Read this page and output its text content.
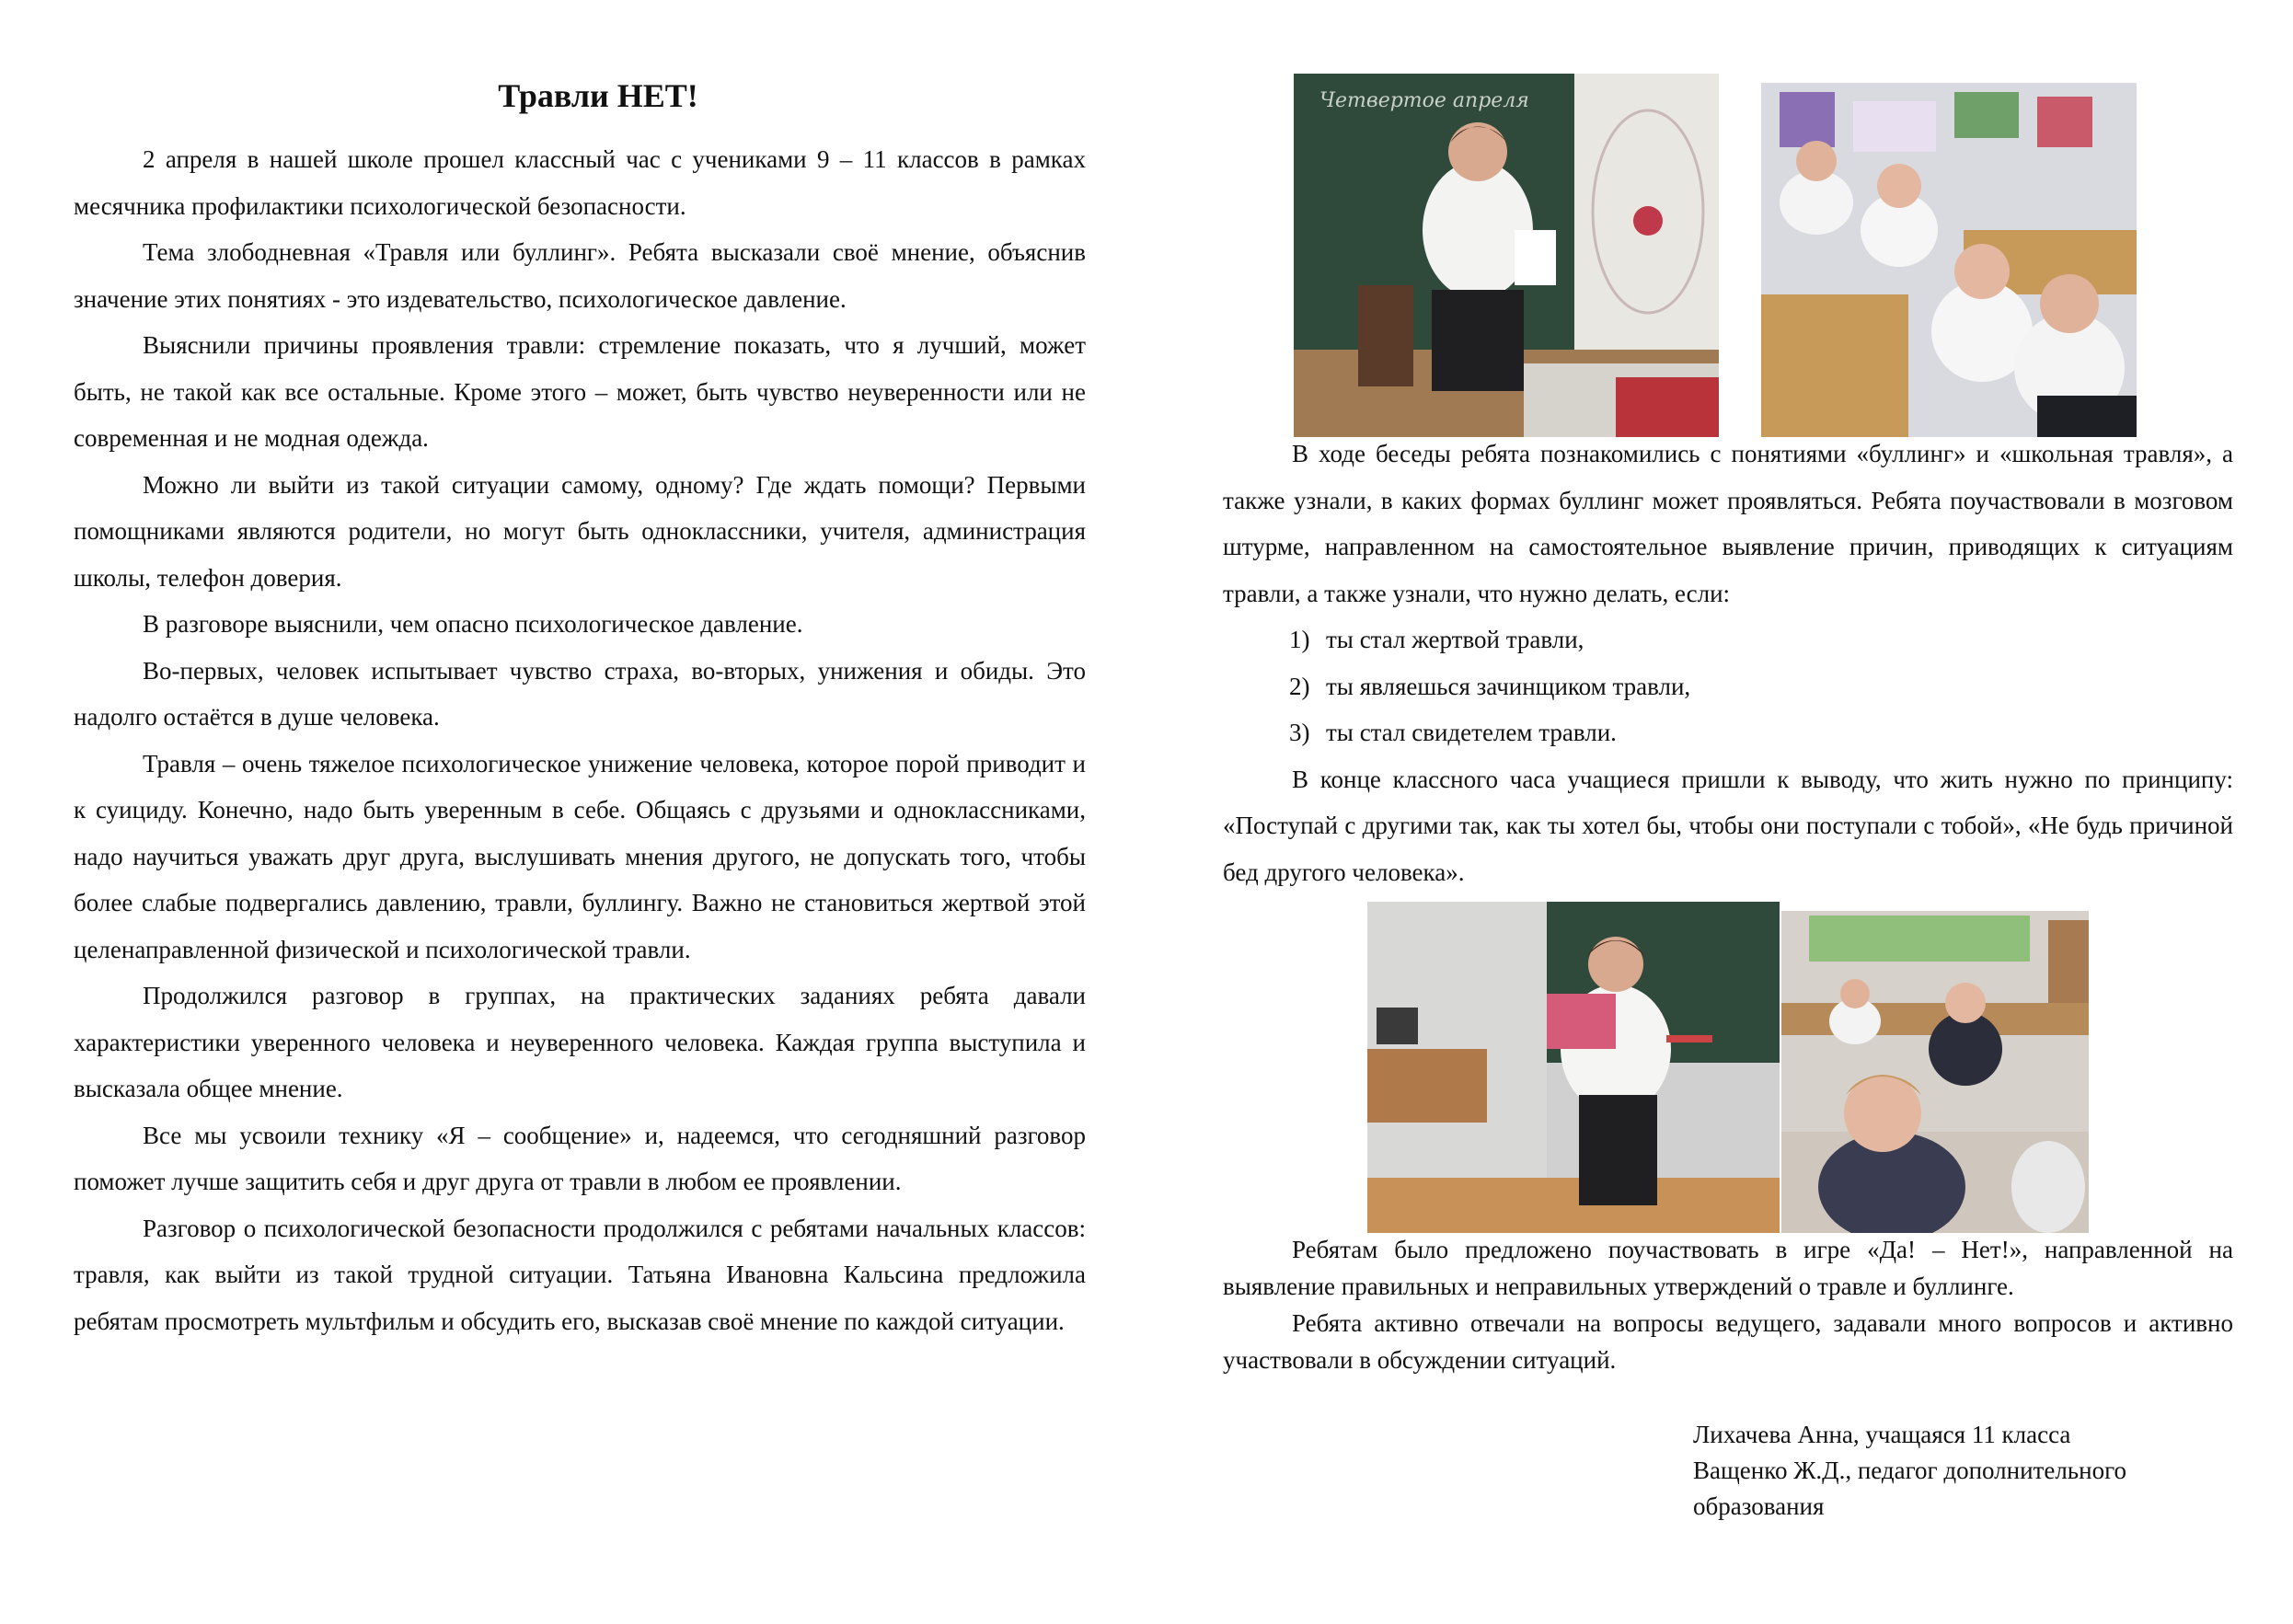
Травли НЕТ!

2 апреля в нашей школе прошел классный час с учениками 9 – 11 классов в рамках месячника профилактики психологической безопасности.

Тема злободневная «Травля или буллинг». Ребята высказали своё мнение, объяснив значение этих понятиях - это издевательство, психологическое давление.

Выяснили причины проявления травли: стремление показать, что я лучший, может быть, не такой как все остальные. Кроме этого – может, быть чувство неуверенности или не современная и не модная одежда.

Можно ли выйти из такой ситуации самому, одному? Где ждать помощи? Первыми помощниками являются родители, но могут быть одноклассники, учителя, администрация школы, телефон доверия.

В разговоре выяснили, чем опасно психологическое давление.

Во-первых, человек испытывает чувство страха, во-вторых, унижения и обиды. Это надолго остаётся в душе человека.

Травля – очень тяжелое психологическое унижение человека, которое порой приводит и к суициду. Конечно, надо быть уверенным в себе. Общаясь с друзьями и одноклассниками, надо научиться уважать друг друга, выслушивать мнения другого, не допускать того, чтобы более слабые подвергались давлению, травли, буллингу. Важно не становиться жертвой этой целенаправленной физической и психологической травли.

Продолжился разговор в группах, на практических заданиях ребята давали характеристики уверенного человека и неуверенного человека. Каждая группа выступила и высказала общее мнение.

Все мы усвоили технику «Я – сообщение» и, надеемся, что сегодняшний разговор поможет лучше защитить себя и друг друга от травли в любом ее проявлении.

Разговор о психологической безопасности продолжился с ребятами начальных классов: травля, как выйти из такой трудной ситуации. Татьяна Ивановна Кальсина предложила ребятам просмотреть мультфильм и обсудить его, высказав своё мнение по каждой ситуации.

Четвертое апреля

В ходе беседы ребята познакомились с понятиями «буллинг» и «школьная травля», а также узнали, в каких формах буллинг может проявляться. Ребята поучаствовали в мозговом штурме, направленном на самостоятельное выявление причин, приводящих к ситуациям травли, а также узнали, что нужно делать, если:

1) ты стал жертвой травли,
2) ты являешься зачинщиком травли,
3) ты стал свидетелем травли.

В конце классного часа учащиеся пришли к выводу, что жить нужно по принципу: «Поступай с другими так, как ты хотел бы, чтобы они поступали с тобой», «Не будь причиной бед другого человека».

Ребятам было предложено поучаствовать в игре «Да! – Нет!», направленной на выявление правильных и неправильных утверждений о травле и буллинге.

Ребята активно отвечали на вопросы ведущего, задавали много вопросов и активно участвовали в обсуждении ситуаций.

Лихачева Анна, учащаяся 11 класса
Ващенко Ж.Д., педагог дополнительного
образования
